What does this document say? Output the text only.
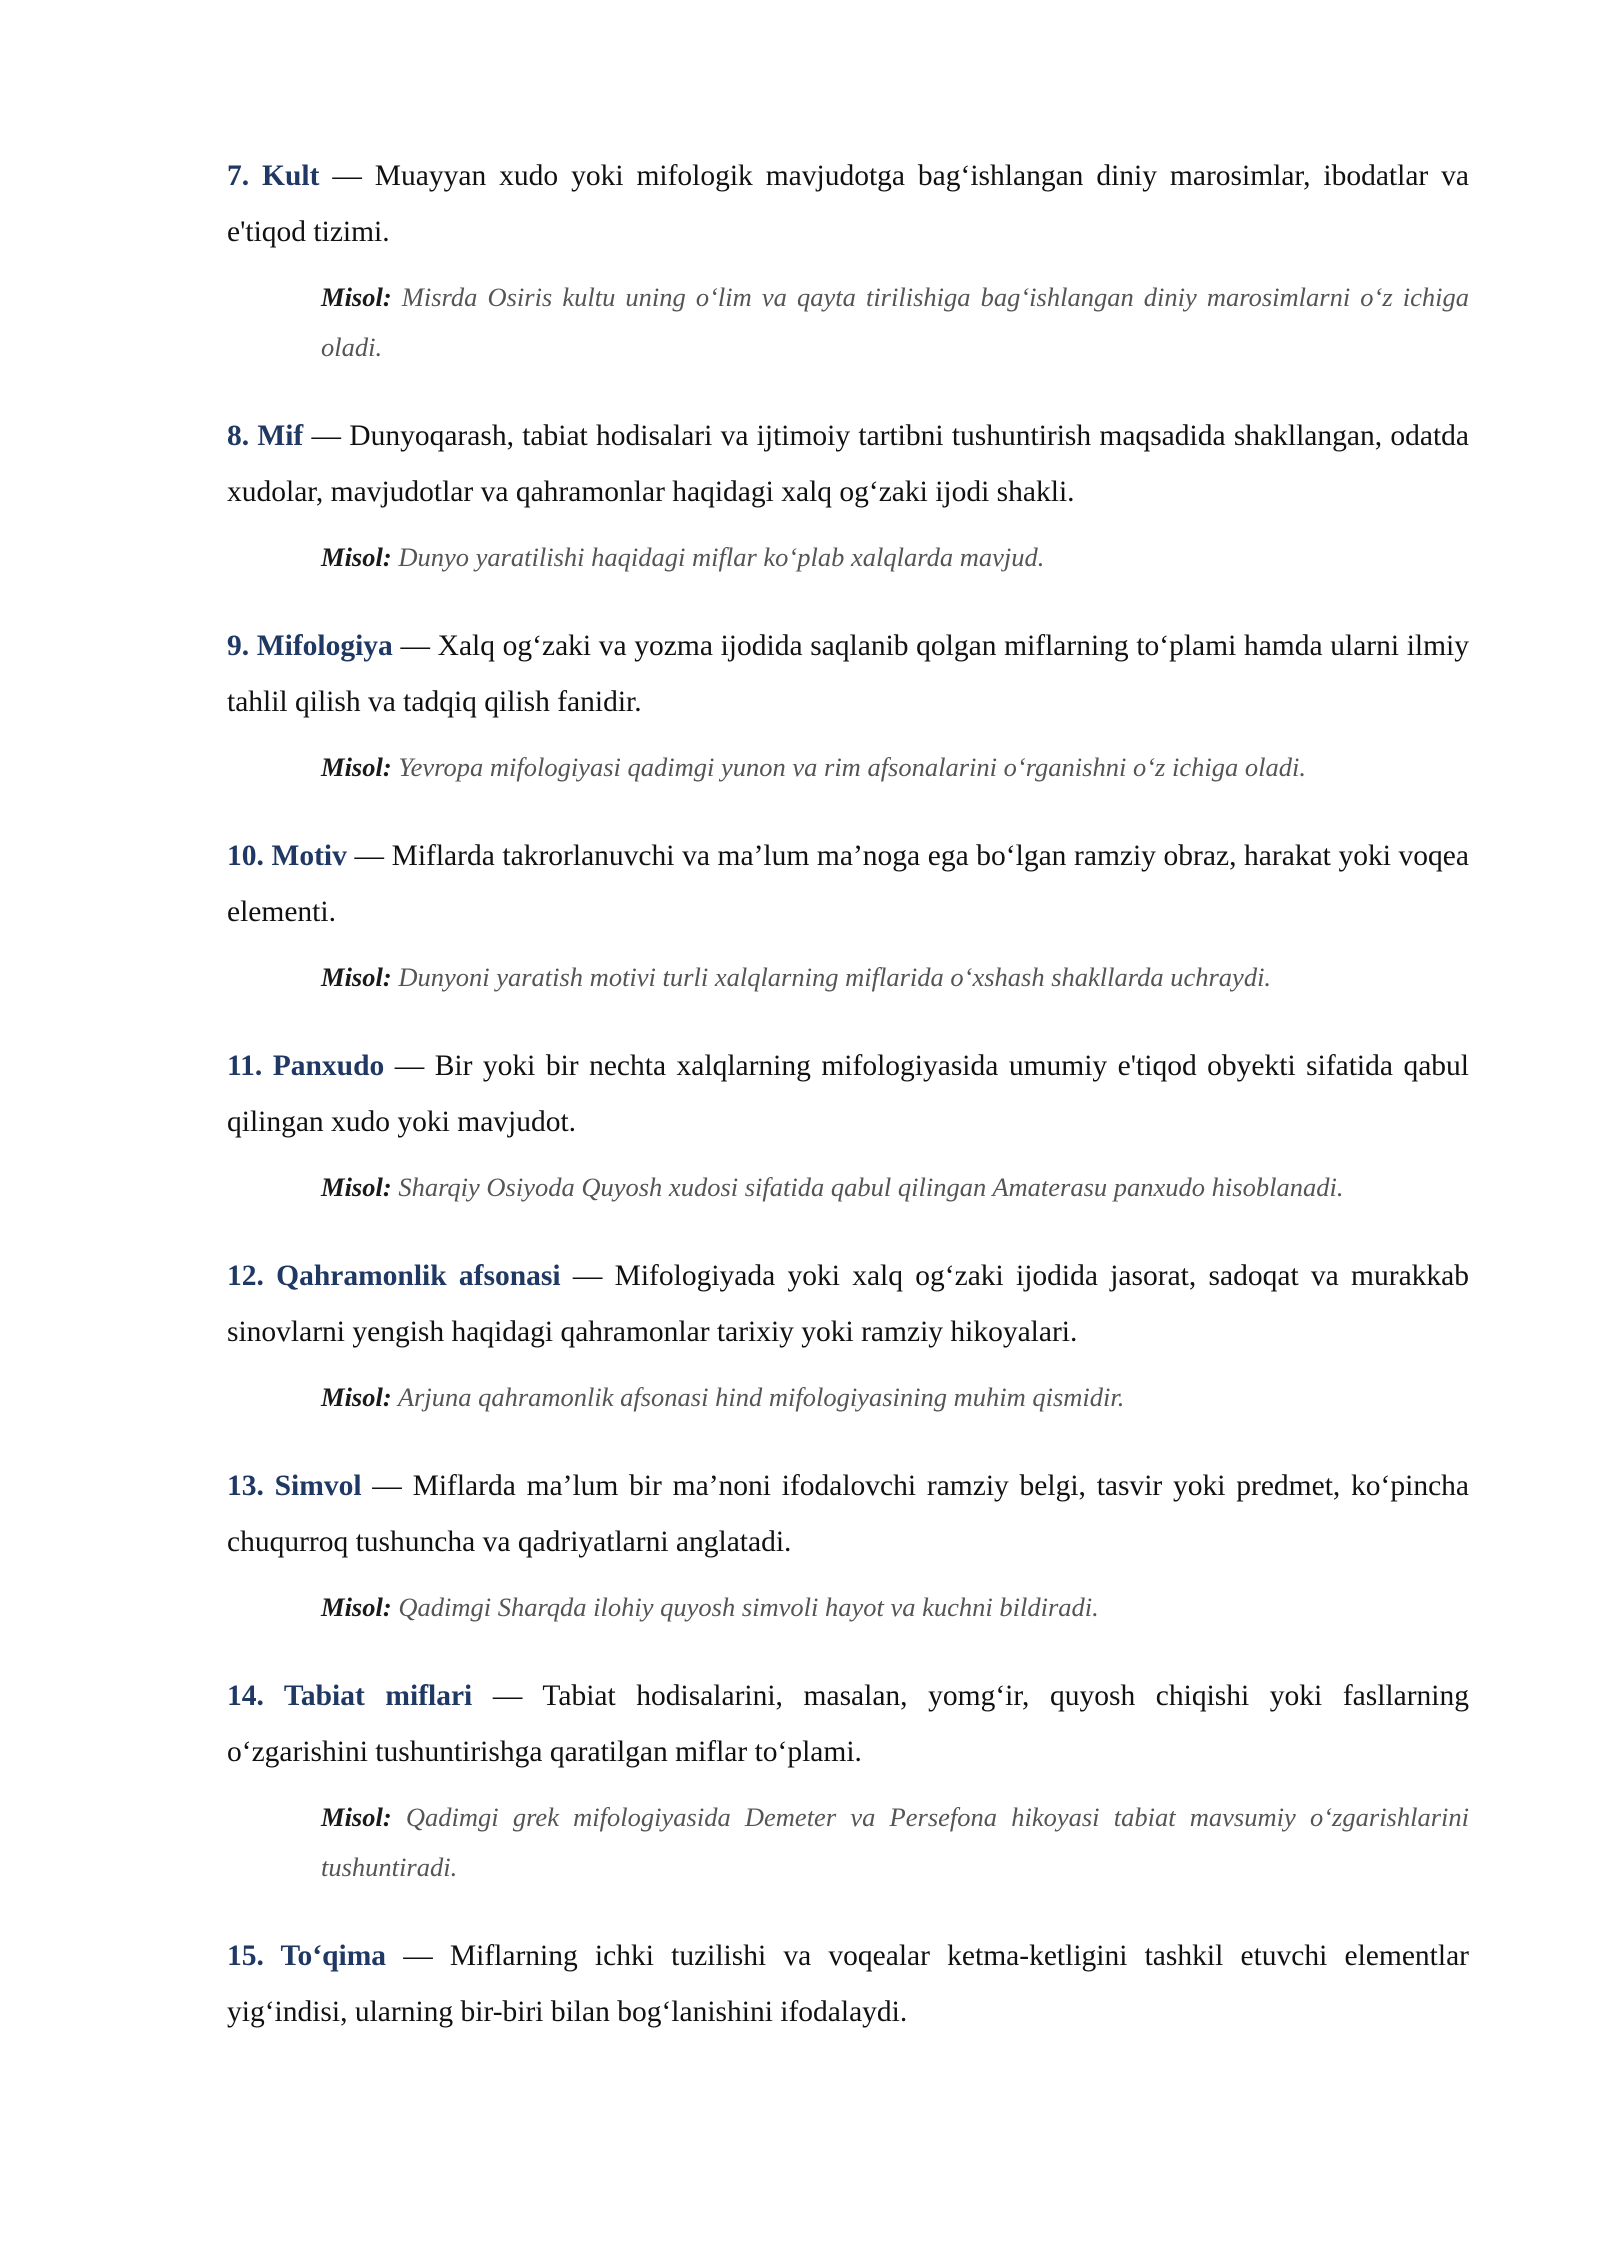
7. Kult — Muayyan xudo yoki mifologik mavjudotga bag‘ishlangan diniy marosimlar, ibodatlar va e'tiqod tizimi.

Misol: Misrda Osiris kultu uning o‘lim va qayta tirilishiga bag‘ishlangan diniy marosimlarni o‘z ichiga oladi.

8. Mif — Dunyoqarash, tabiat hodisalari va ijtimoiy tartibni tushuntirish maqsadida shakllangan, odatda xudolar, mavjudotlar va qahramonlar haqidagi xalq og‘zaki ijodi shakli.

Misol: Dunyo yaratilishi haqidagi miflar ko‘plab xalqlarda mavjud.

9. Mifologiya — Xalq og‘zaki va yozma ijodida saqlanib qolgan miflarning to‘plami hamda ularni ilmiy tahlil qilish va tadqiq qilish fanidir.

Misol: Yevropa mifologiyasi qadimgi yunon va rim afsonalarini o‘rganishni o‘z ichiga oladi.

10. Motiv — Miflarda takrorlanuvchi va ma’lum ma’noga ega bo‘lgan ramziy obraz, harakat yoki voqea elementi.

Misol: Dunyoni yaratish motivi turli xalqlarning miflarida o‘xshash shakllarda uchraydi.

11. Panxudo — Bir yoki bir nechta xalqlarning mifologiyasida umumiy e'tiqod obyekti sifatida qabul qilingan xudo yoki mavjudot.

Misol: Sharqiy Osiyoda Quyosh xudosi sifatida qabul qilingan Amaterasu panxudo hisoblanadi.

12. Qahramonlik afsonasi — Mifologiyada yoki xalq og‘zaki ijodida jasorat, sadoqat va murakkab sinovlarni yengish haqidagi qahramonlar tarixiy yoki ramziy hikoyalari.

Misol: Arjuna qahramonlik afsonasi hind mifologiyasining muhim qismidir.

13. Simvol — Miflarda ma’lum bir ma’noni ifodalovchi ramziy belgi, tasvir yoki predmet, ko‘pincha chuqurroq tushuncha va qadriyatlarni anglatadi.

Misol: Qadimgi Sharqda ilohiy quyosh simvoli hayot va kuchni bildiradi.

14. Tabiat miflari — Tabiat hodisalarini, masalan, yomg‘ir, quyosh chiqishi yoki fasllarning o‘zgarishini tushuntirishga qaratilgan miflar to‘plami.

Misol: Qadimgi grek mifologiyasida Demeter va Persefona hikoyasi tabiat mavsumiy o‘zgarishlarini tushuntiradi.

15. To‘qima — Miflarning ichki tuzilishi va voqealar ketma-ketligini tashkil etuvchi elementlar yig‘indisi, ularning bir-biri bilan bog‘lanishini ifodalaydi.
